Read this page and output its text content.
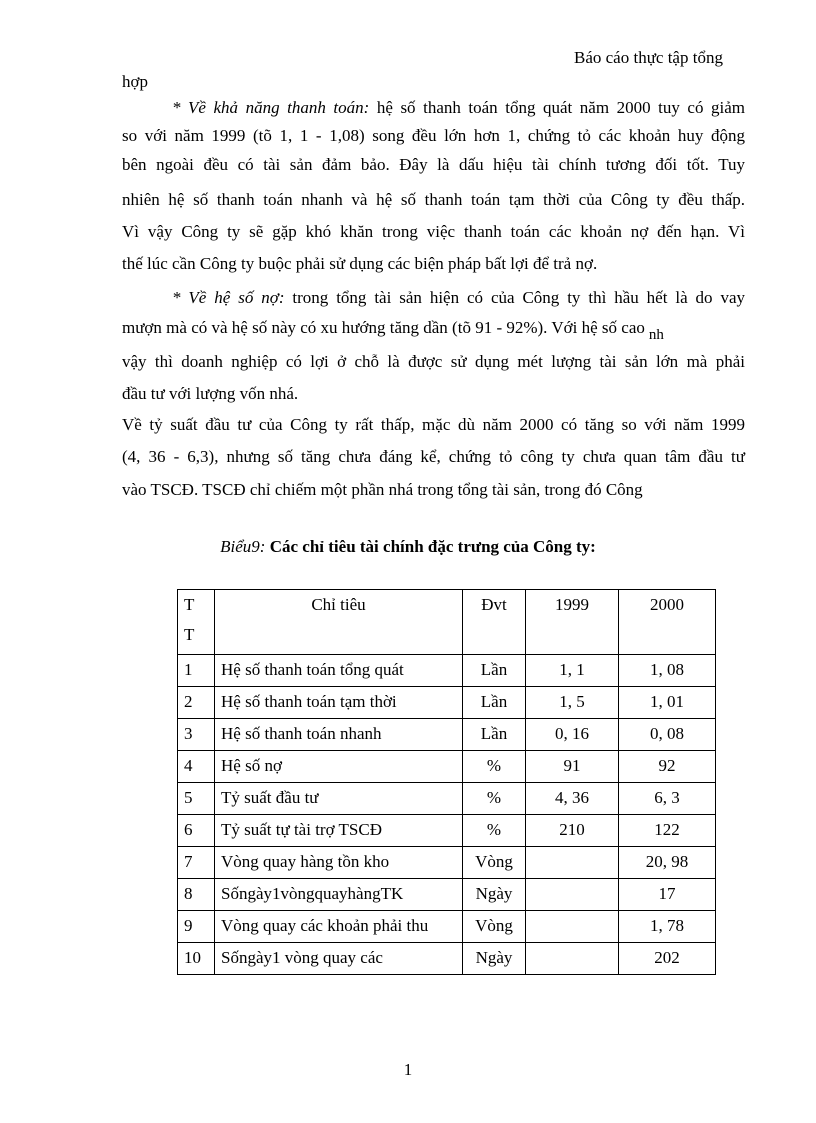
Báo cáo thực tập tổng
hợp
* Về khả năng thanh toán: hệ số thanh toán tổng quát năm 2000 tuy có giảm
so với năm 1999 (tõ 1, 1 - 1,08) song đều lớn hơn 1, chứng tỏ các khoản huy động
bên ngoài đều có tài sản đảm bảo. Đây là dấu hiệu tài chính tương đối tốt. Tuy
nhiên hệ số thanh toán nhanh và hệ số thanh toán tạm thời của Công ty đều thấp.
Vì vậy Công ty sẽ gặp khó khăn trong việc thanh toán các khoản nợ đến hạn. Vì
thế lúc cần Công ty buộc phải sử dụng các biện pháp bất lợi để trả nợ.
* Về hệ số nợ: trong tổng tài sản hiện có của Công ty thì hầu hết là do vay
mượn mà có và hệ số này có xu hướng tăng dần (tõ 91 - 92%). Với hệ số cao nh
vậy thì doanh nghiệp có lợi ở chỗ là được sử dụng mét lượng tài sản lớn mà phải
đầu tư với lượng vốn nhá.
Về tỷ suất đầu tư của Công ty rất thấp, mặc dù năm 2000 có tăng so với năm 1999
(4, 36 - 6,3), nhưng số tăng chưa đáng kể, chứng tỏ công ty chưa quan tâm đầu tư
vào TSCĐ. TSCĐ chỉ chiếm một phần nhá trong tổng tài sản, trong đó Công
Biểu9: Các chỉ tiêu tài chính đặc trưng của Công ty:
T T	Chỉ tiêu	Đvt	1999	2000
1	Hệ số thanh toán tổng quát	Lần	1, 1	1, 08
2	Hệ số thanh toán tạm thời	Lần	1, 5	1, 01
3	Hệ số thanh toán nhanh	Lần	0, 16	0, 08
4	Hệ số nợ	%	91	92
5	Tỷ suất đầu tư	%	4, 36	6, 3
6	Tỷ suất tự tài trợ TSCĐ	%	210	122
7	Vòng quay hàng tồn kho	Vòng		20, 98
8	Sốngày1vòngquayhàngTK	Ngày		17
9	Vòng quay các khoản phải thu	Vòng		1, 78
10	Sốngày1 vòng quay các	Ngày		202
1
